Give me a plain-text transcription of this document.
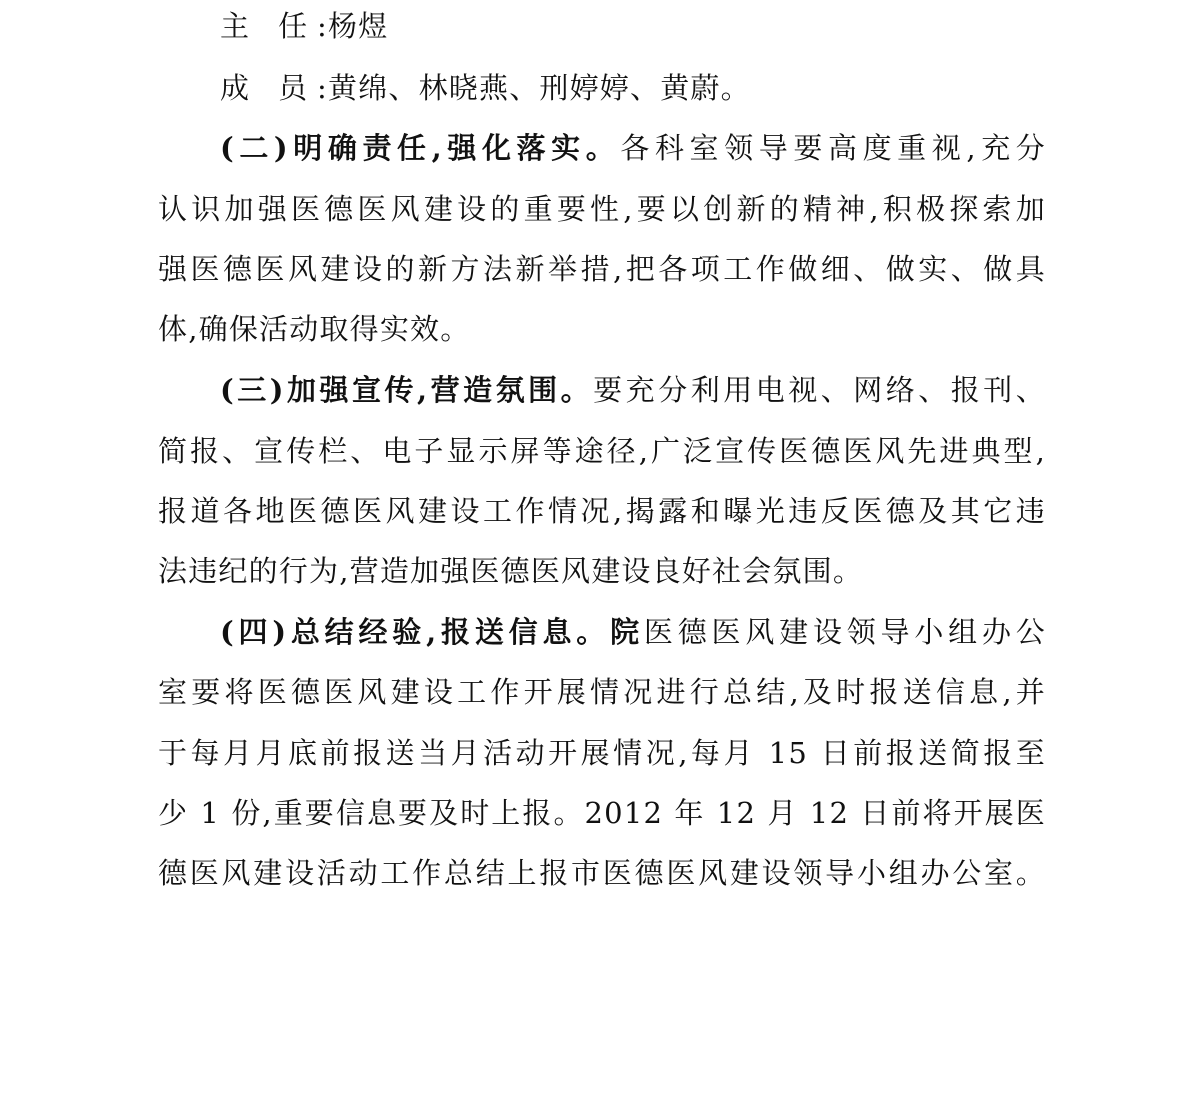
主 任:杨煜
成 员:黄绵、林晓燕、刑婷婷、黄蔚。
(二)明确责任,强化落实。各科室领导要高度重视,充分
认识加强医德医风建设的重要性,要以创新的精神,积极探索加
强医德医风建设的新方法新举措,把各项工作做细、做实、做具
体,确保活动取得实效。
(三)加强宣传,营造氛围。要充分利用电视、网络、报刊、
简报、宣传栏、电子显示屏等途径,广泛宣传医德医风先进典型,
报道各地医德医风建设工作情况,揭露和曝光违反医德及其它违
法违纪的行为,营造加强医德医风建设良好社会氛围。
(四)总结经验,报送信息。院医德医风建设领导小组办公
室要将医德医风建设工作开展情况进行总结,及时报送信息,并
于每月月底前报送当月活动开展情况,每月 15 日前报送简报至
少 1 份,重要信息要及时上报。2012 年 12 月 12 日前将开展医
德医风建设活动工作总结上报市医德医风建设领导小组办公室。
